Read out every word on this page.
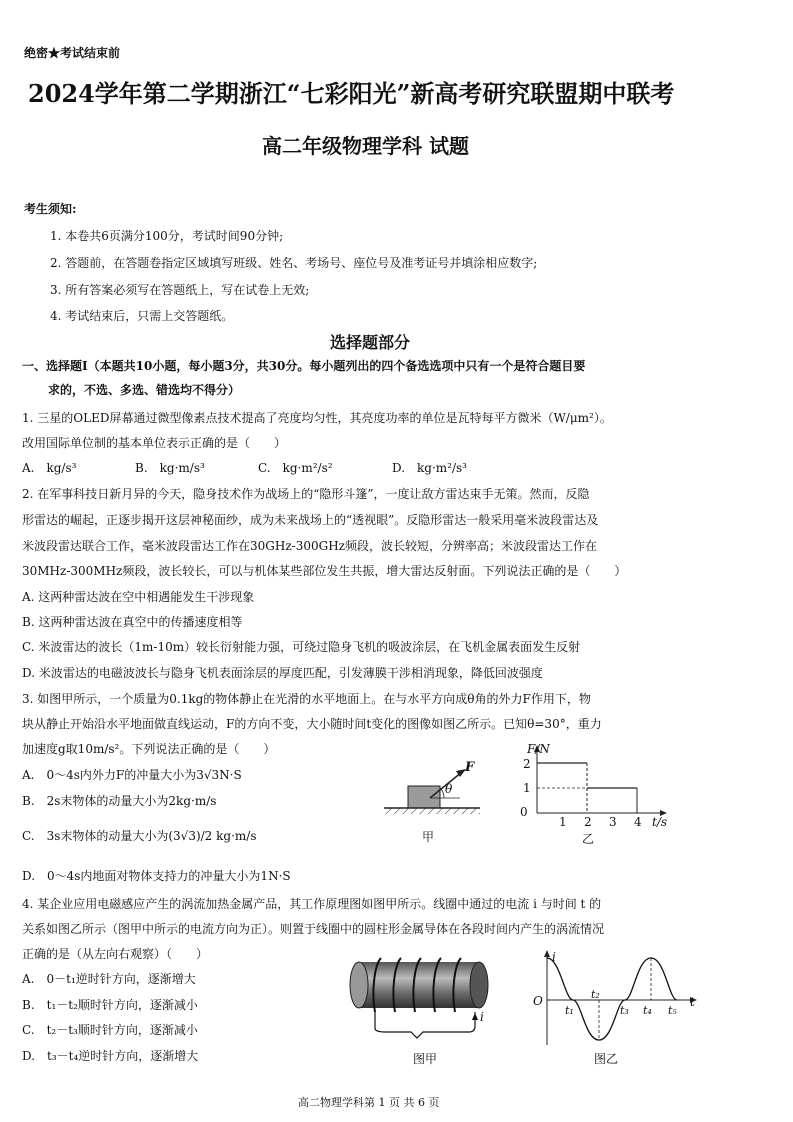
绝密★考试结束前
2024学年第二学期浙江“七彩阳光”新高考研究联盟期中联考
高二年级物理学科 试题
考生须知:
1. 本卷共6页满分100分，考试时间90分钟;
2. 答题前，在答题卷指定区域填写班级、姓名、考场号、座位号及准考证号并填涂相应数字;
3. 所有答案必须写在答题纸上，写在试卷上无效;
4. 考试结束后，只需上交答题纸。
选择题部分
一、选择题Ⅰ（本题共10小题，每小题3分，共30分。每小题列出的四个备选选项中只有一个是符合题目要
求的，不选、多选、错选均不得分）
1. 三星的OLED屏幕通过微型像素点技术提高了亮度均匀性，其亮度功率的单位是瓦特每平方微米（W/μm²）。
改用国际单位制的基本单位表示正确的是（　　）
A.　kg/s³	B.　kg·m/s³	C.　kg·m²/s²	D.　kg·m²/s³
2. 在军事科技日新月异的今天，隐身技术作为战场上的“隐形斗篷”，一度让敌方雷达束手无策。然而，反隐
形雷达的崛起，正逐步揭开这层神秘面纱，成为未来战场上的“透视眼”。反隐形雷达一般采用毫米波段雷达及
米波段雷达联合工作，毫米波段雷达工作在30GHz-300GHz频段，波长较短，分辨率高；米波段雷达工作在
30MHz-300MHz频段，波长较长，可以与机体某些部位发生共振，增大雷达反射面。下列说法正确的是（　　）
A. 这两种雷达波在空中相遇能发生干涉现象
B. 这两种雷达波在真空中的传播速度相等
C. 米波雷达的波长（1m-10m）较长衍射能力强，可绕过隐身飞机的吸波涂层，在飞机金属表面发生反射
D. 米波雷达的电磁波波长与隐身飞机表面涂层的厚度匹配，引发薄膜干涉相消现象，降低回波强度
3. 如图甲所示，一个质量为0.1kg的物体静止在光滑的水平地面上。在与水平方向成θ角的外力F作用下，物
块从静止开始沿水平地面做直线运动，F的方向不变，大小随时间t变化的图像如图乙所示。已知θ=30°，重力
加速度g取10m/s²。下列说法正确的是（　　）
A.　0～4s内外力F的冲量大小为3√3N·S
B.　2s末物体的动量大小为2kg·m/s
C.　3s末物体的动量大小为(3√3)/2 kg·m/s
D.　0～4s内地面对物体支持力的冲量大小为1N·S
F
θ
甲
F/N
2
1
0
1 2 3 4 t/s
乙
4. 某企业应用电磁感应产生的涡流加热金属产品，其工作原理图如图甲所示。线圈中通过的电流 i 与时间 t 的
关系如图乙所示（图甲中所示的电流方向为正）。则置于线圈中的圆柱形金属导体在各段时间内产生的涡流情况
正确的是（从左向右观察）（　　）
A.　0－t₁逆时针方向，逐渐增大
B.　t₁－t₂顺时针方向，逐渐减小
C.　t₂－t₃顺时针方向，逐渐减小
D.　t₃－t₄逆时针方向，逐渐增大
i
图甲
i
O
t₁
t₂
t₃ t₄ t₅
t
图乙
高二物理学科第 1 页 共 6 页
